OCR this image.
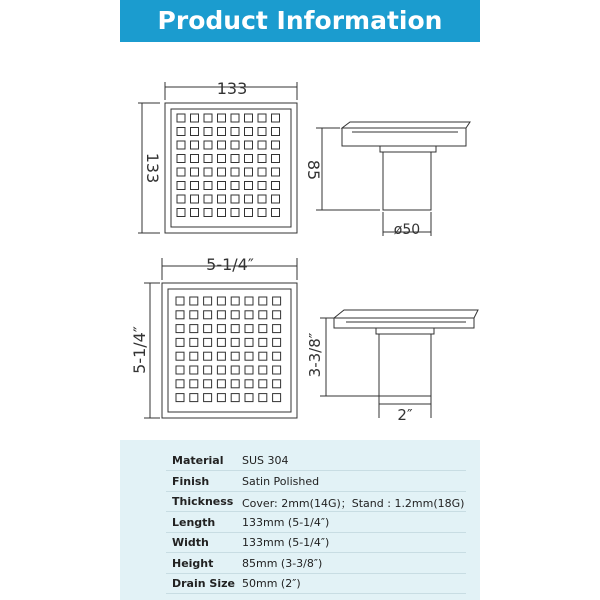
Product Information
133
133	85
ø50
5-1/4″
5-1/4″	3-3/8″
2″
Material SUS 304
Finish	Satin Polished
Thickness Cover: 2mm(14G)；Stand : 1.2mm(18G)
Length 133mm (5-1/4″)
Width	133mm (5-1/4″)
Height	85mm (3-3/8″)
Drain Size 50mm (2″)
